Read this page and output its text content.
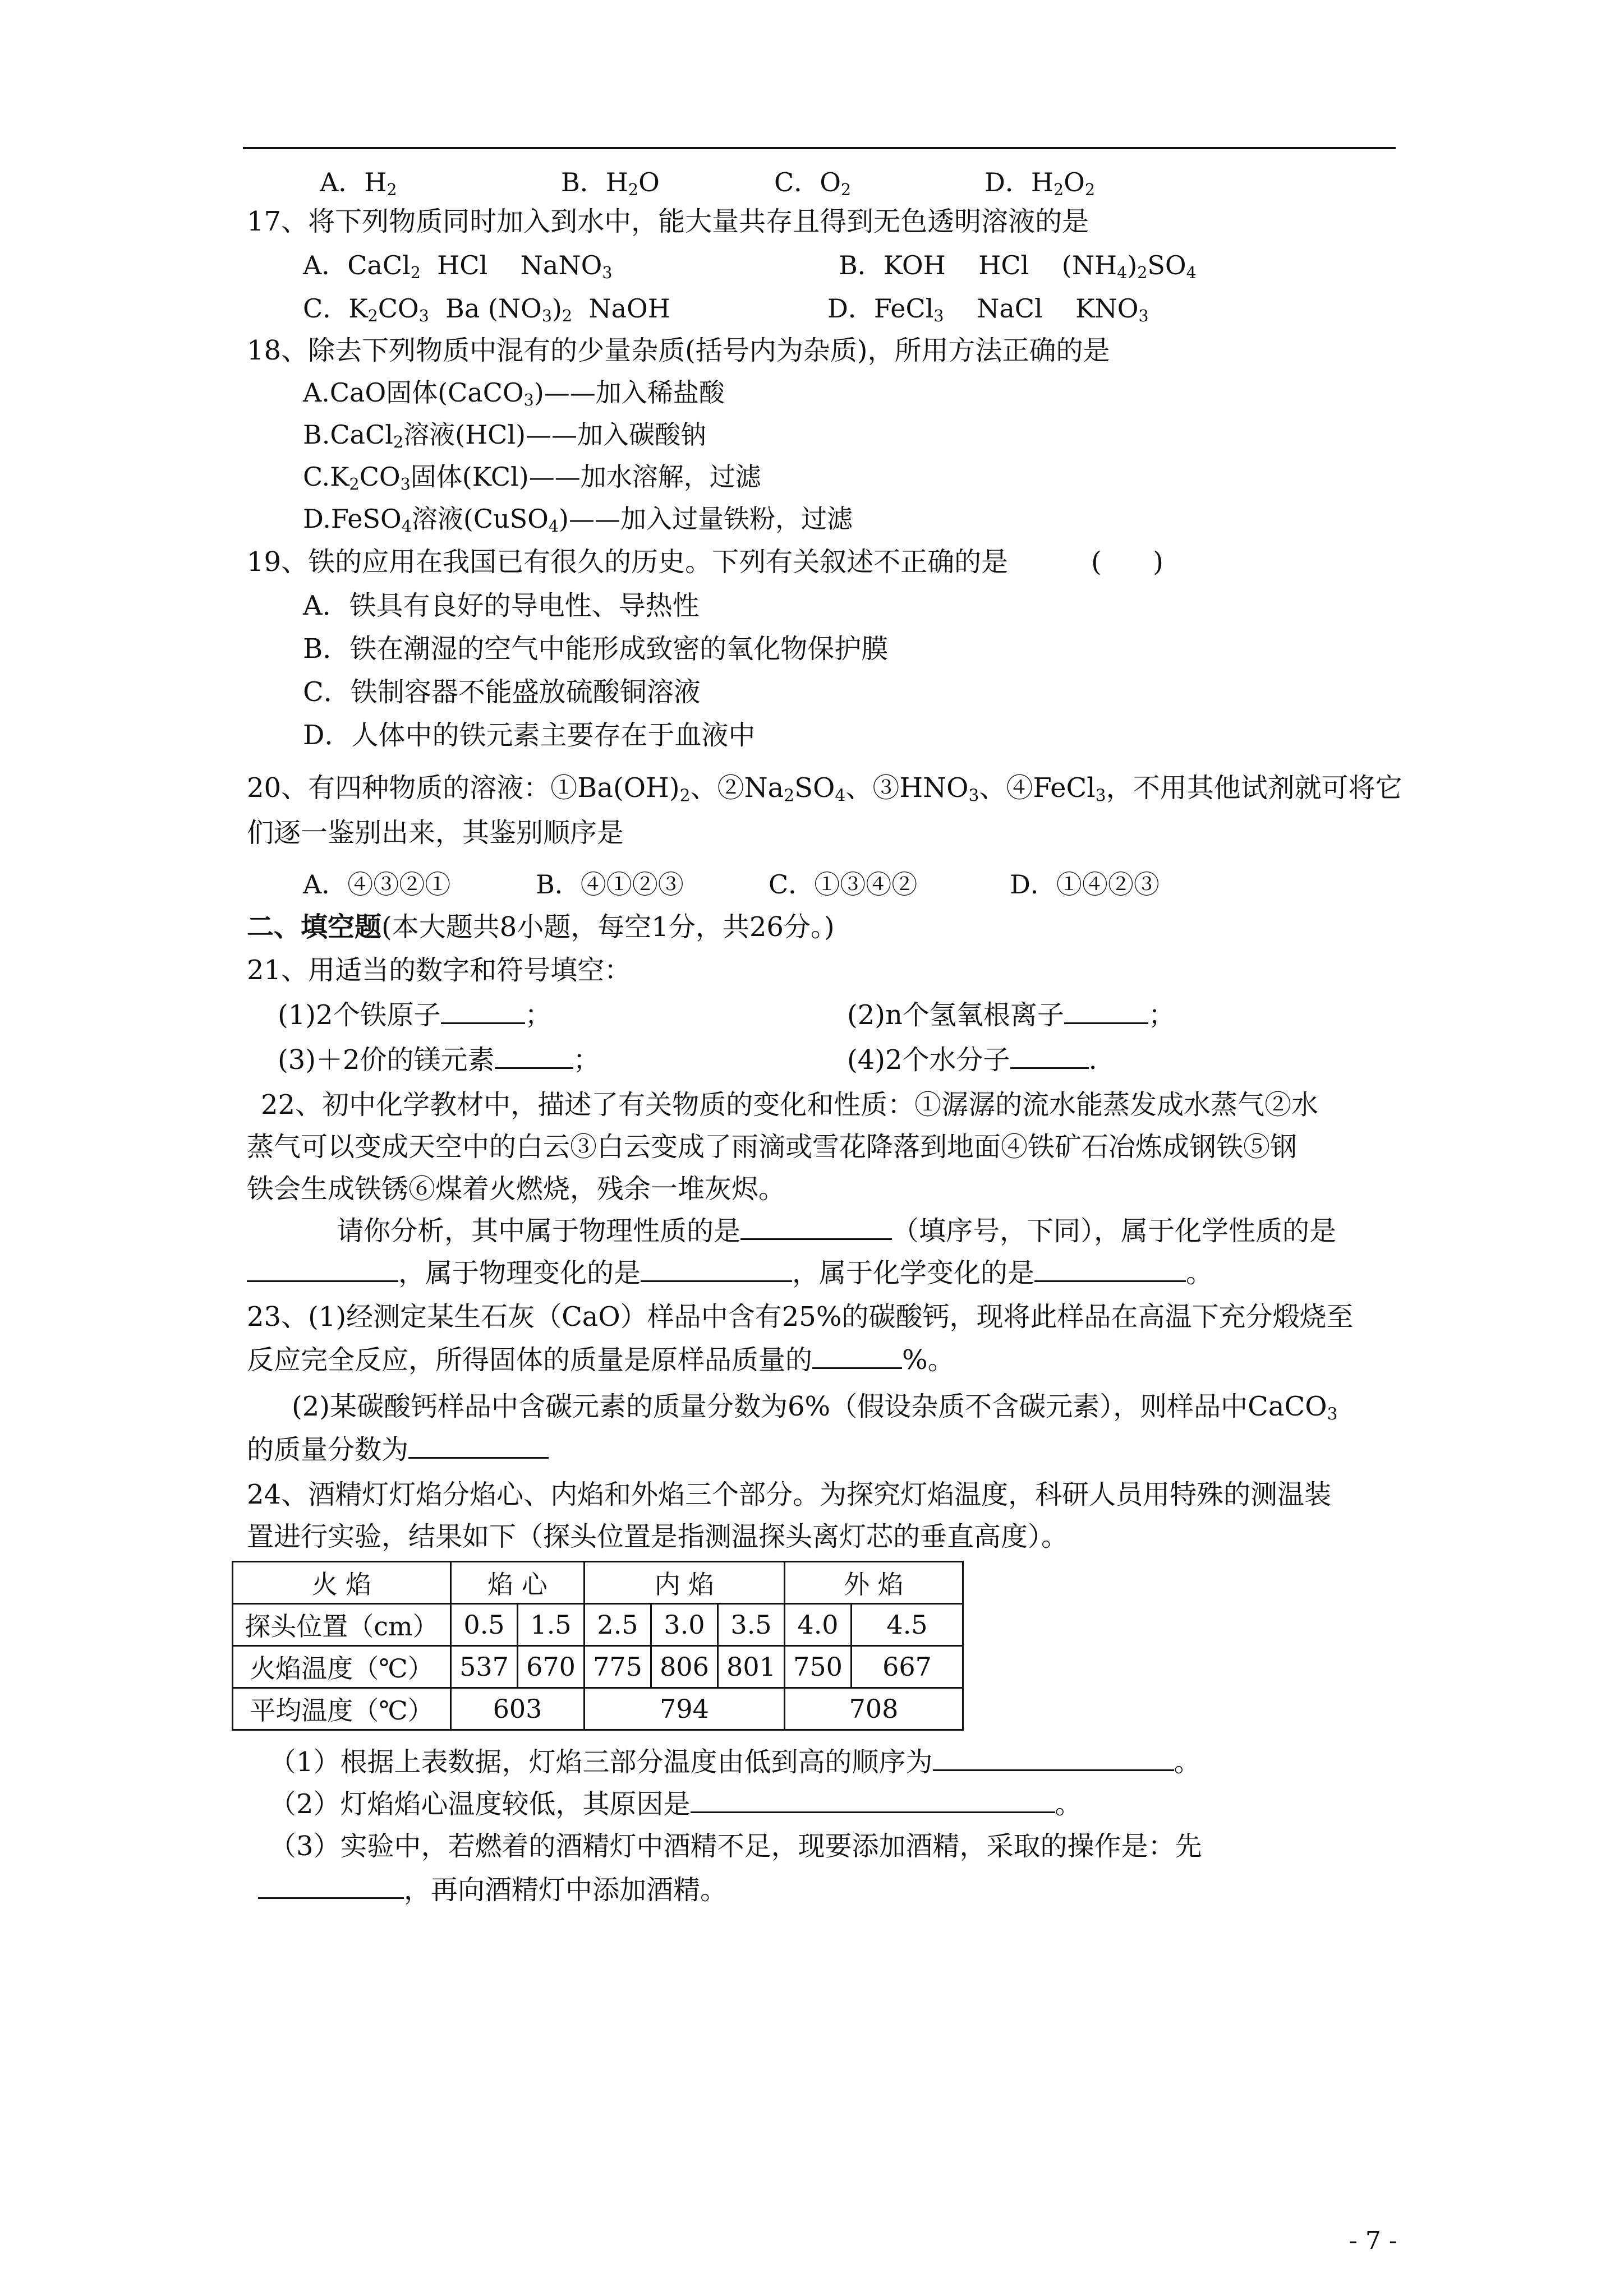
A．$H_2$	B．$H_2O$	C．$O_2$	D．$H_2O_2$
17、将下列物质同时加入到水中，能大量共存且得到无色透明溶液的是
A．CaCl$_2$  HCl    NaNO$_3$	B．KOH    HCl    $(NH_4)_2SO_4$
C．$K_2CO_3$  Ba $(NO_3)_2$  NaOH	D．FeCl$_3$    NaCl    $KNO_3$
18、除去下列物质中混有的少量杂质(括号内为杂质)，所用方法正确的是
A.CaO固体(CaCO$_3$)——加入稀盐酸
B.CaCl$_2$溶液(HCl)——加入碳酸钠
$C.K_2CO_3$固体(KCl)——加水溶解，过滤
D.FeSO$_4$溶液(CuSO$_4$)——加入过量铁粉，过滤
19、铁的应用在我国已有很久的历史。下列有关叙述不正确的是	(      )
A．铁具有良好的导电性、导热性
B．铁在潮湿的空气中能形成致密的氧化物保护膜
C．铁制容器不能盛放硫酸铜溶液
D．人体中的铁元素主要存在于血液中
20、有四种物质的溶液：$①Ba(OH)_2$、$②Na_2SO_4$、$③HNO_3$、④FeCl$_3$，不用其他试剂就可将它
们逐一鉴别出来，其鉴别顺序是
A．④③②①	B．④①②③	C．①③④②	D．①④②③
二、填空题(本大题共8小题，每空1分，共26分。)
21、用适当的数字和符号填空：
(1)2个铁原子	；	(2)n个氢氧根离子	；
(3)＋2价的镁元素	；	(4)2个水分子	.
22、初中化学教材中，描述了有关物质的变化和性质：①潺潺的流水能蒸发成水蒸气②水
蒸气可以变成天空中的白云③白云变成了雨滴或雪花降落到地面④铁矿石冶炼成钢铁⑤钢
铁会生成铁锈⑥煤着火燃烧，残余一堆灰烬。
请你分析，其中属于物理性质的是	（填序号，下同），属于化学性质的是
，属于物理变化的是	，属于化学变化的是	。
23、(1)经测定某生石灰（CaO）样品中含有25%的碳酸钙，现将此样品在高温下充分煅烧至
反应完全反应，所得固体的质量是原样品质量的	%。
(2)某碳酸钙样品中含碳元素的质量分数为6%（假设杂质不含碳元素），则样品中CaCO$_3$
的质量分数为
24、酒精灯灯焰分焰心、内焰和外焰三个部分。为探究灯焰温度，科研人员用特殊的测温装
置进行实验，结果如下（探头位置是指测温探头离灯芯的垂直高度）。
火 焰	焰 心		内 焰			外 焰	
探头位置（cm）	0.5	1.5	2.5	3.0	3.5	4.0	4.5
火焰温度（℃）	537	670	775	806	801	750	667
平均温度（℃）	603		794			708	
（1）根据上表数据，灯焰三部分温度由低到高的顺序为	。
（2）灯焰焰心温度较低，其原因是	。
（3）实验中，若燃着的酒精灯中酒精不足，现要添加酒精，采取的操作是：先
，再向酒精灯中添加酒精。
- 7 -
